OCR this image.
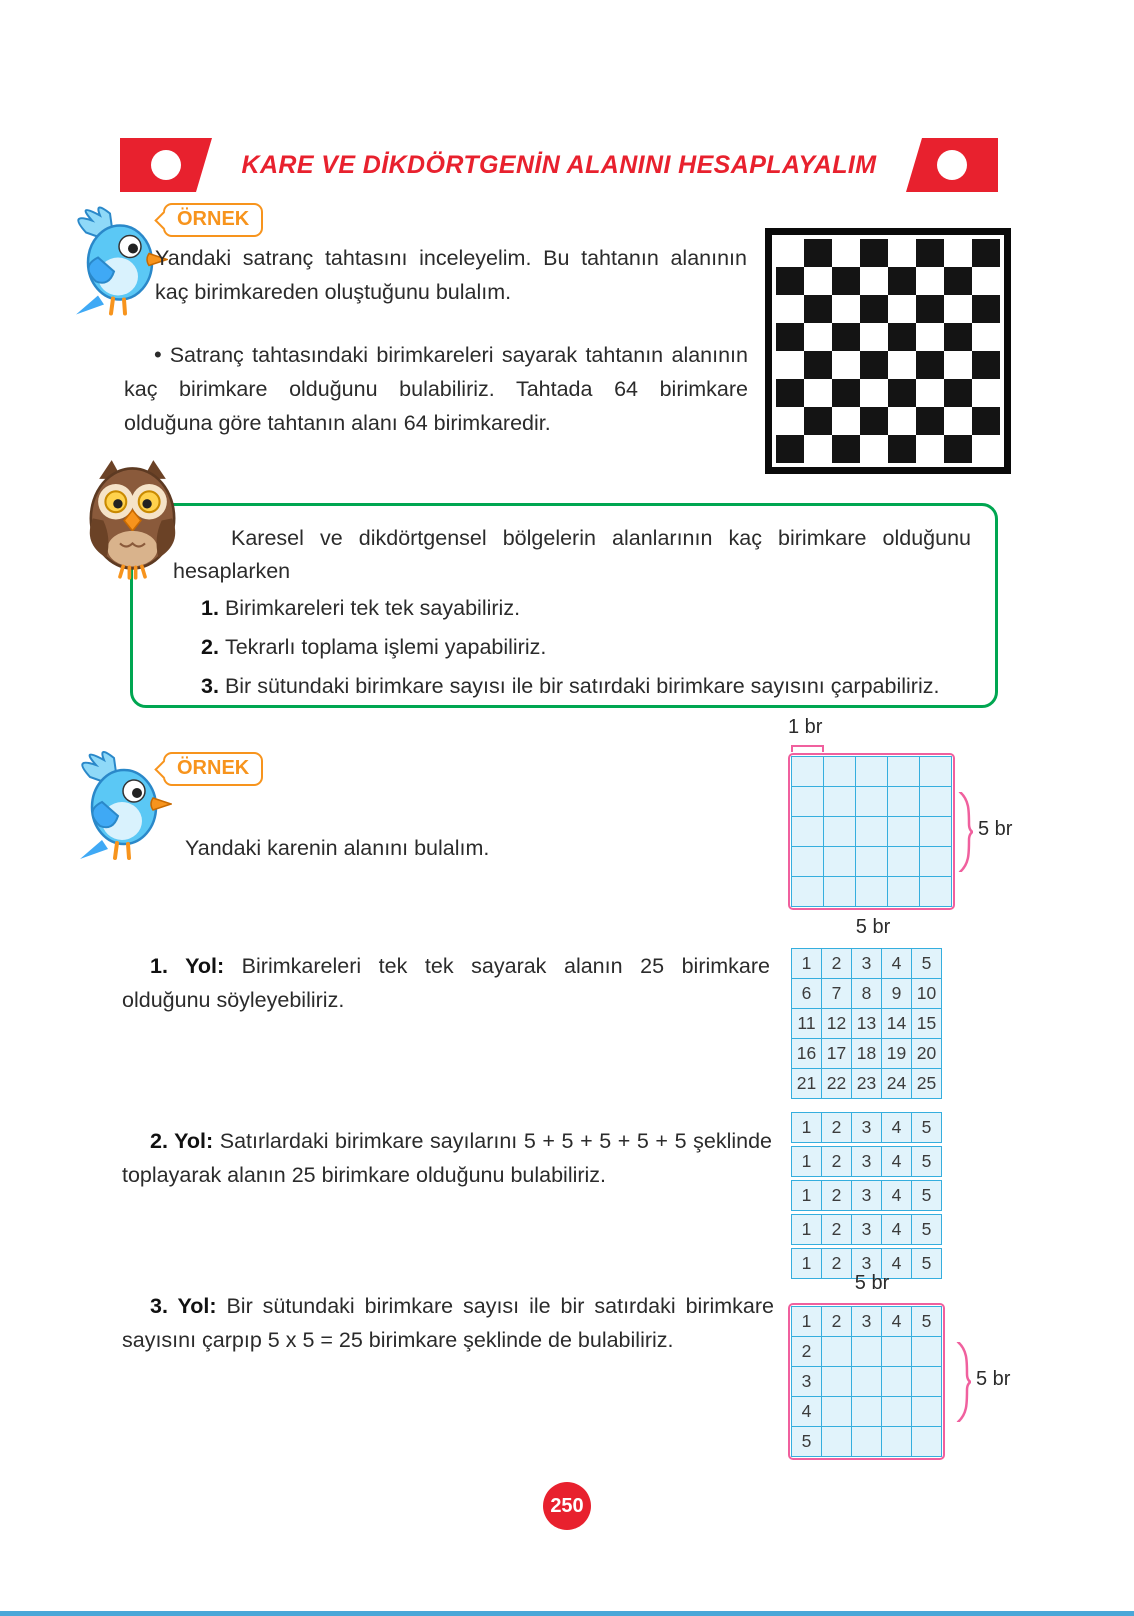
KARE VE DİKDÖRTGENİN ALANINI HESAPLAYALIM
ÖRNEK

Yandaki satranç tahtasını inceleyelim. Bu tahtanın alanının kaç birimkareden oluştuğunu bulalım.

• Satranç tahtasındaki birimkareleri sayarak tahtanın alanının kaç birimkare olduğunu bulabiliriz. Tahtada 64 birimkare olduğuna göre tahtanın alanı 64 birimkaredir.

Karesel ve dikdörtgensel bölgelerin alanlarının kaç birimkare olduğunu hesaplarken

1. Birimkareleri tek tek sayabiliriz.
2. Tekrarlı toplama işlemi yapabiliriz.
3. Bir sütundaki birimkare sayısı ile bir satırdaki birimkare sayısını çarpabiliriz.
ÖRNEK

Yandaki karenin alanını bulalım.

1 br

5 br

5 br

1. Yol: Birimkareleri tek tek sayarak alanın 25 birimkare olduğunu söyleyebiliriz.

1	2	3	4	5
6	7	8	9 10
11 12 13 14 15
16 17 18 19 20
21 22 23 24 25

2. Yol: Satırlardaki birimkare sayılarını 5 + 5 + 5 + 5 + 5 şeklinde toplayarak alanın 25 birimkare olduğunu bulabiliriz.

1	2	3	4	5
1	2	3	4	5
1	2	3	4	5
1	2	3	4	5
1	2	3	4	5

3. Yol: Bir sütundaki birimkare sayısı ile bir satırdaki birimkare sayısını çarpıp 5 x 5 = 25 birimkare şeklinde de bulabiliriz.

5 br

1	2	3	4	5
2
3
4
5

5 br

250
